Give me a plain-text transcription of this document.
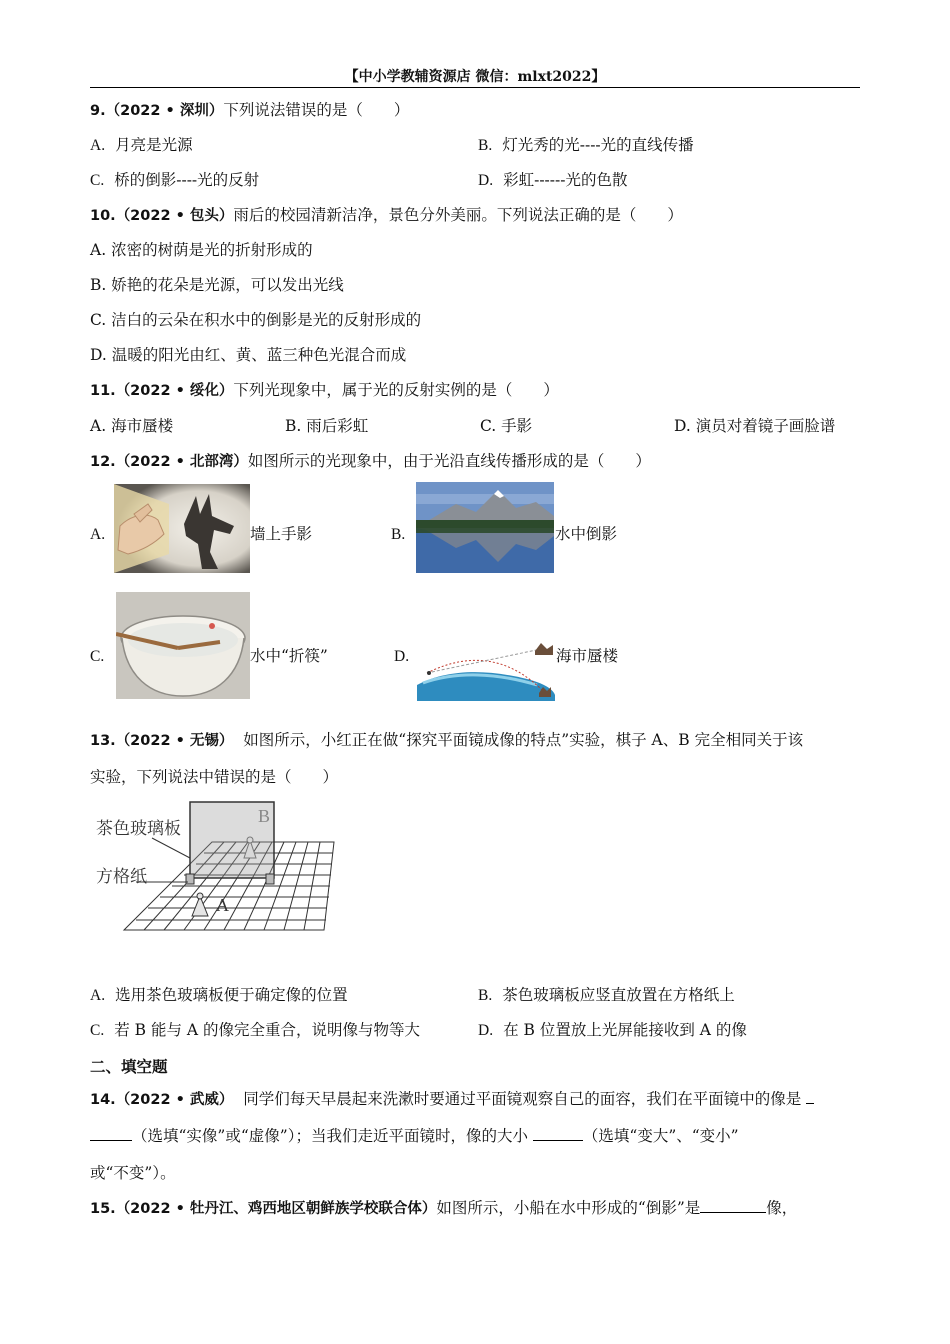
【中小学教辅资源店 微信：mlxt2022】
9.（2022 • 深圳）下列说法错误的是（　　）
A. 月亮是光源	B. 灯光秀的光----光的直线传播
C. 桥的倒影----光的反射	D. 彩虹------光的色散
10.（2022 • 包头）雨后的校园清新洁净，景色分外美丽。下列说法正确的是（　　）
A. 浓密的树荫是光的折射形成的
B. 娇艳的花朵是光源，可以发出光线
C. 洁白的云朵在积水中的倒影是光的反射形成的
D. 温暖的阳光由红、黄、蓝三种色光混合而成
11.（2022 • 绥化）下列光现象中，属于光的反射实例的是（　　）
A. 海市蜃楼	B. 雨后彩虹	C. 手影	D. 演员对着镜子画脸谱
12.（2022 • 北部湾）如图所示的光现象中，由于光沿直线传播形成的是（　　）
A.	墙上手影	B.	水中倒影
C.	水中“折筷”	D.	海市蜃楼
13.（2022 • 无锡） 如图所示，小红正在做“探究平面镜成像的特点”实验，棋子 A、B 完全相同关于该
实验，下列说法中错误的是（　　）
茶色玻璃板
方格纸
B
A
A. 选用茶色玻璃板便于确定像的位置	B. 茶色玻璃板应竖直放置在方格纸上
C. 若 B 能与 A 的像完全重合，说明像与物等大	D. 在 B 位置放上光屏能接收到 A 的像
二、填空题
14.（2022 • 武威） 同学们每天早晨起来洗漱时要通过平面镜观察自己的面容，我们在平面镜中的像是
（选填“实像”或“虚像”）；当我们走近平面镜时，像的大小	（选填“变大”、“变小”
或“不变”）。
15.（2022 • 牡丹江、鸡西地区朝鲜族学校联合体）如图所示，小船在水中形成的“倒影”是	像，
